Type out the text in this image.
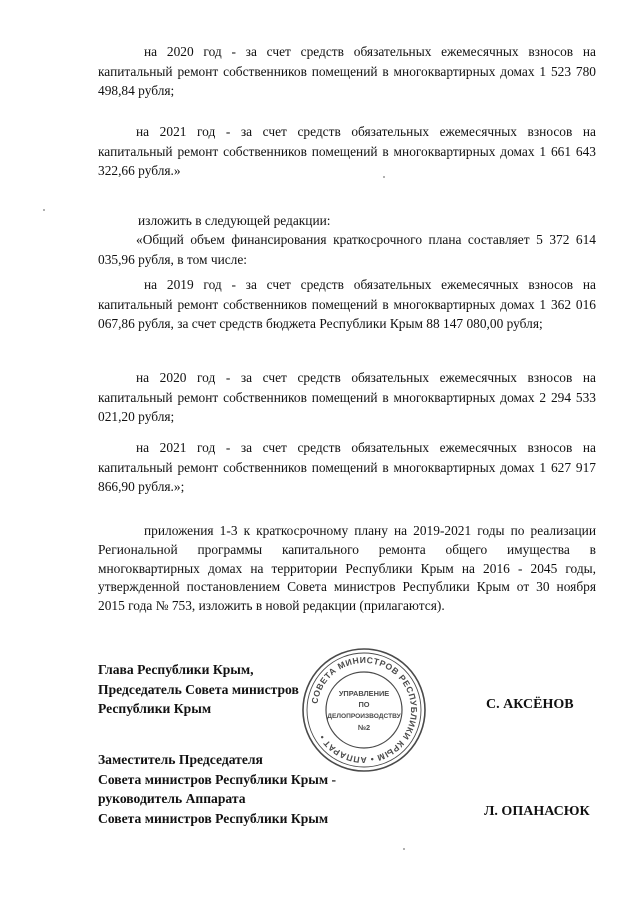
на 2020 год - за счет средств обязательных ежемесячных взносов на капитальный ремонт собственников помещений в многоквартирных домах 1 523 780 498,84 рубля;

на 2021 год - за счет средств обязательных ежемесячных взносов на капитальный ремонт собственников помещений в многоквартирных домах 1 661 643 322,66 рубля.»

изложить в следующей редакции:

«Общий объем финансирования краткосрочного плана составляет 5 372 614 035,96 рубля, в том числе:

на 2019 год - за счет средств обязательных ежемесячных взносов на капитальный ремонт собственников помещений в многоквартирных домах 1 362 016 067,86 рубля, за счет средств бюджета Республики Крым 88 147 080,00 рубля;

на 2020 год - за счет средств обязательных ежемесячных взносов на капитальный ремонт собственников помещений в многоквартирных домах 2 294 533 021,20 рубля;

на 2021 год - за счет средств обязательных ежемесячных взносов на капитальный ремонт собственников помещений в многоквартирных домах 1 627 917 866,90 рубля.»;

приложения 1-3 к краткосрочному плану на 2019-2021 годы по реализации Региональной программы капитального ремонта общего имущества в многоквартирных домах на территории Республики Крым на 2016 - 2045 годы, утвержденной постановлением Совета министров Республики Крым от 30 ноября 2015 года № 753, изложить в новой редакции (прилагаются).

Глава Республики Крым,
Председатель Совета министров
Республики Крым	С. АКСЁНОВ
СОВЕТА МИНИСТРОВ РЕСПУБЛИКИ КРЫМ • АППАРАТ •
УПРАВЛЕНИЕ
ПО
ДЕЛОПРОИЗВОДСТВУ
№2
Заместитель Председателя
Совета министров Республики Крым -
руководитель Аппарата
Совета министров Республики Крым	Л. ОПАНАСЮК
